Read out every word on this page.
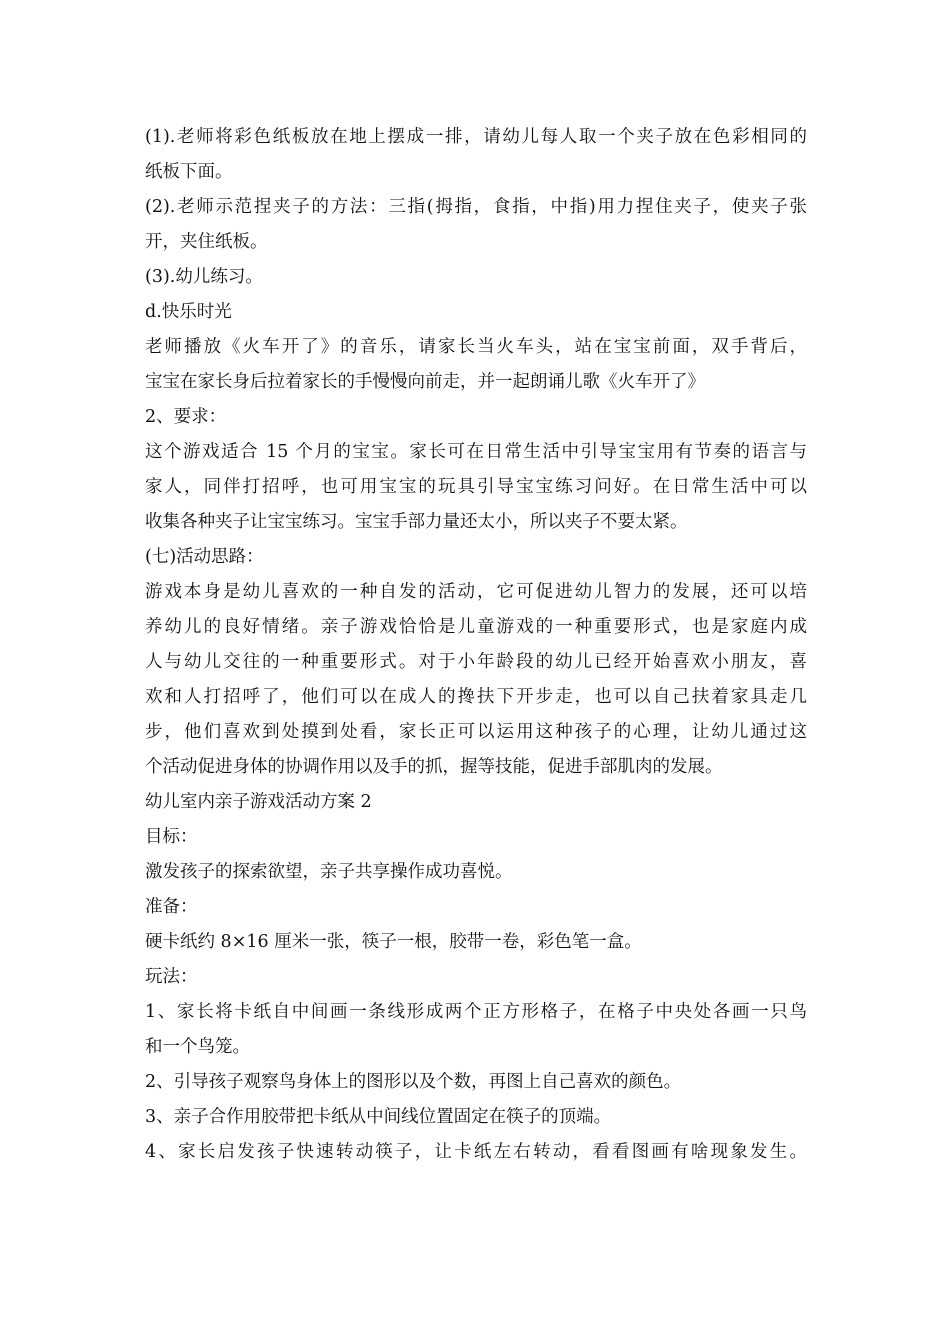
(1).老师将彩色纸板放在地上摆成一排，请幼儿每人取一个夹子放在色彩相同的
纸板下面。
(2).老师示范捏夹子的方法：三指(拇指，食指，中指)用力捏住夹子，使夹子张
开，夹住纸板。
(3).幼儿练习。
d.快乐时光
老师播放《火车开了》的音乐，请家长当火车头，站在宝宝前面，双手背后，
宝宝在家长身后拉着家长的手慢慢向前走，并一起朗诵儿歌《火车开了》
2、要求：
这个游戏适合 15 个月的宝宝。家长可在日常生活中引导宝宝用有节奏的语言与
家人，同伴打招呼，也可用宝宝的玩具引导宝宝练习问好。在日常生活中可以
收集各种夹子让宝宝练习。宝宝手部力量还太小，所以夹子不要太紧。
(七)活动思路：
游戏本身是幼儿喜欢的一种自发的活动，它可促进幼儿智力的发展，还可以培
养幼儿的良好情绪。亲子游戏恰恰是儿童游戏的一种重要形式，也是家庭内成
人与幼儿交往的一种重要形式。对于小年龄段的幼儿已经开始喜欢小朋友，喜
欢和人打招呼了，他们可以在成人的搀扶下开步走，也可以自己扶着家具走几
步，他们喜欢到处摸到处看，家长正可以运用这种孩子的心理，让幼儿通过这
个活动促进身体的协调作用以及手的抓，握等技能，促进手部肌肉的发展。
幼儿室内亲子游戏活动方案 2
目标：
激发孩子的探索欲望，亲子共享操作成功喜悦。
准备：
硬卡纸约 8×16 厘米一张，筷子一根，胶带一卷，彩色笔一盒。
玩法：
1、家长将卡纸自中间画一条线形成两个正方形格子，在格子中央处各画一只鸟
和一个鸟笼。
2、引导孩子观察鸟身体上的图形以及个数，再图上自己喜欢的颜色。
3、亲子合作用胶带把卡纸从中间线位置固定在筷子的顶端。
4、家长启发孩子快速转动筷子，让卡纸左右转动，看看图画有啥现象发生。
